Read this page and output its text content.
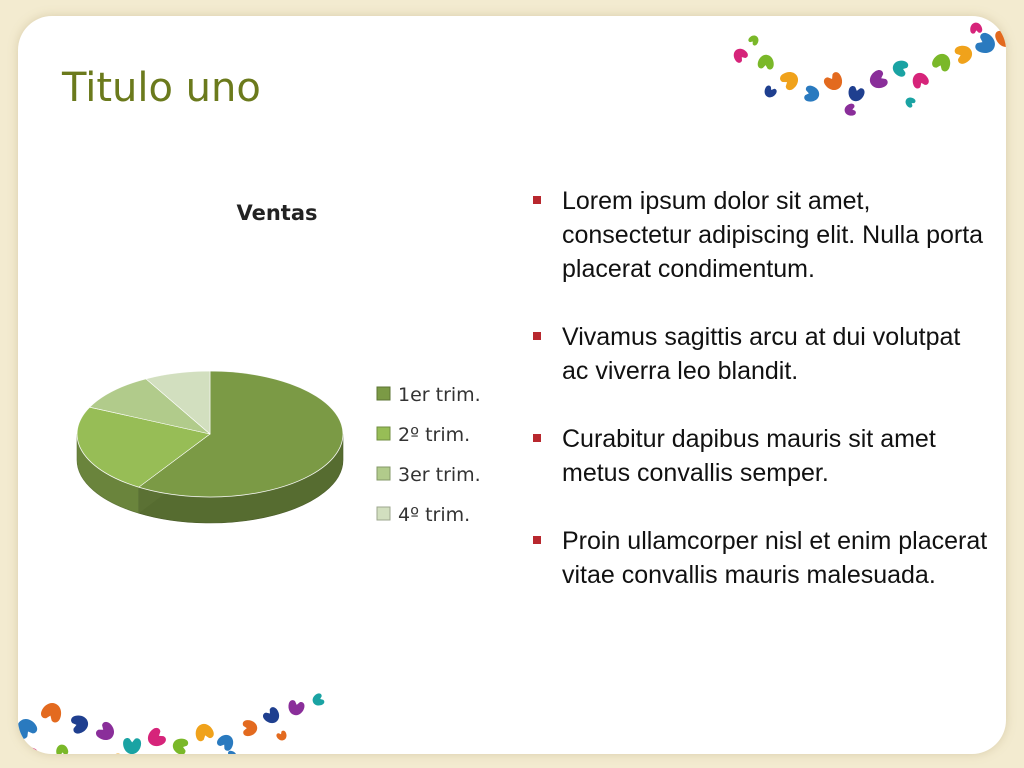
Titulo uno
Ventas
1er trim.
2º trim.
3er trim.
4º trim.
Lorem ipsum dolor sit amet, consectetur adipiscing elit. Nulla porta placerat condimentum.
Vivamus sagittis arcu at dui volutpat ac viverra leo blandit.
Curabitur dapibus mauris sit amet metus convallis semper.
Proin ullamcorper nisl et enim placerat vitae convallis mauris malesuada.
